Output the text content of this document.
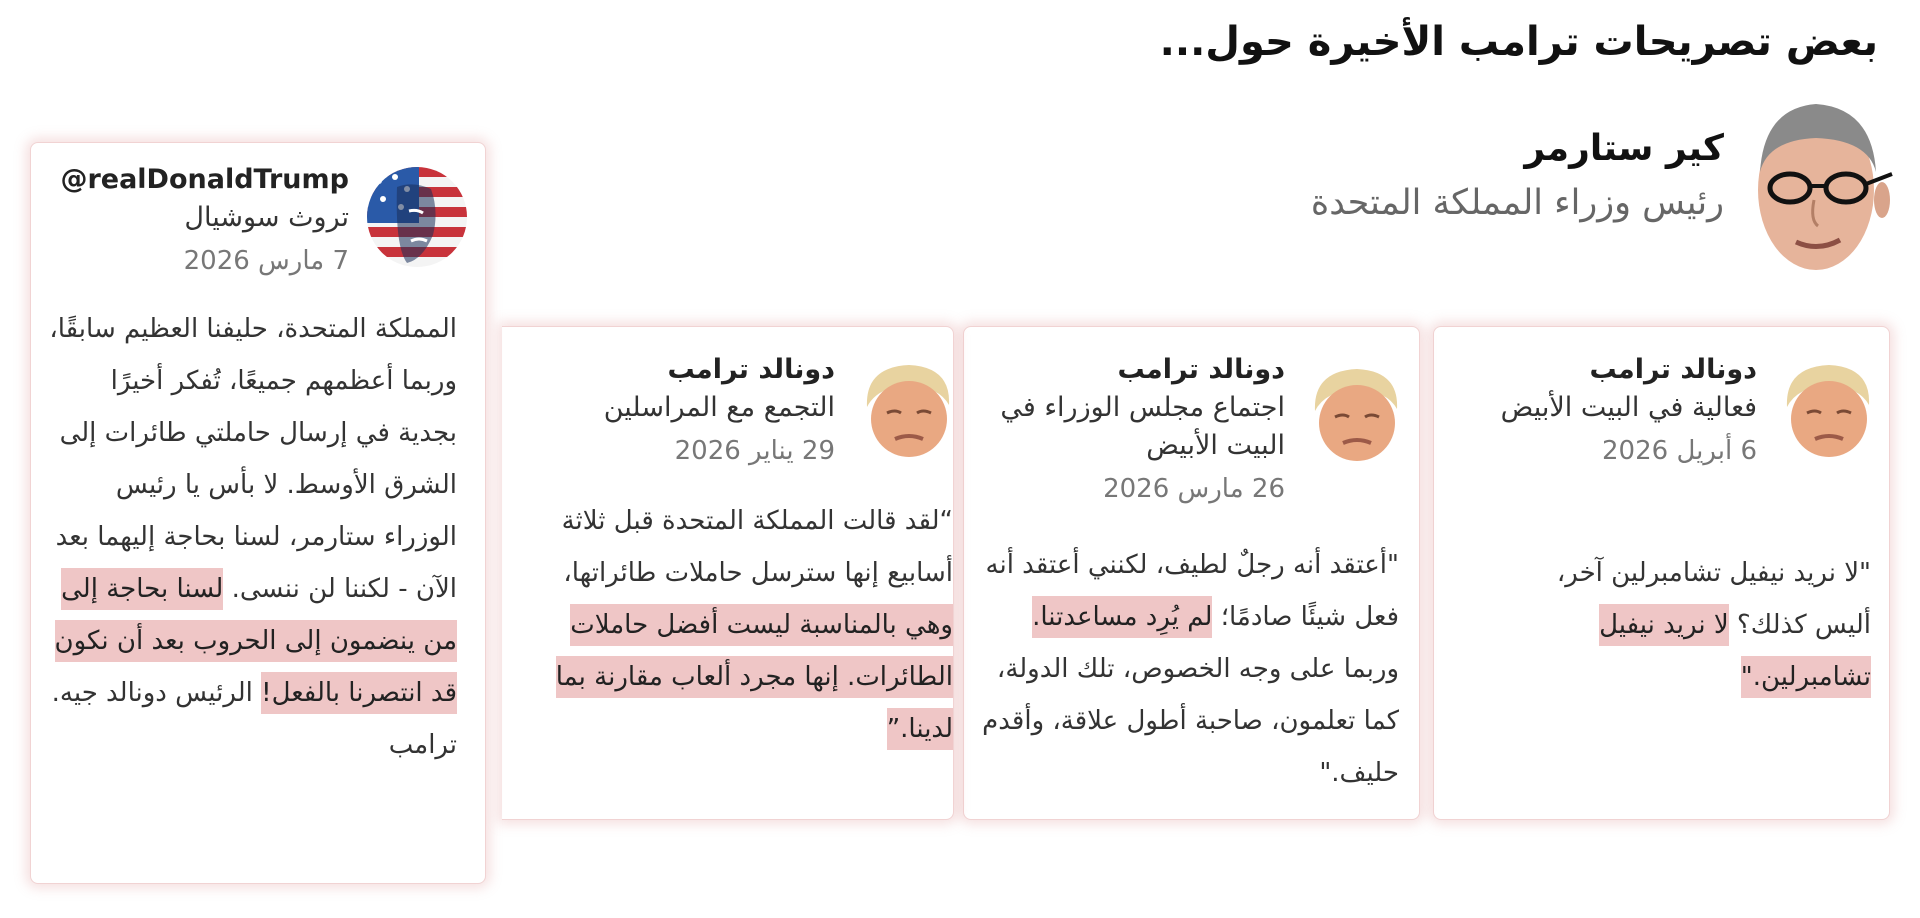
بعض تصريحات ترامب الأخيرة حول...
كير ستارمر
رئيس وزراء المملكة المتحدة
دونالد ترامب
فعالية في البيت الأبيض
6 أبريل 2026
"لا نريد نيفيل تشامبرلين آخر، أليس كذلك؟ لا نريد نيفيل تشامبرلين."
دونالد ترامب
اجتماع مجلس الوزراء في البيت الأبيض
26 مارس 2026
"أعتقد أنه رجلٌ لطيف، لكنني أعتقد أنه فعل شيئًا صادمًا؛ لم يُرِد مساعدتنا. وربما على وجه الخصوص، تلك الدولة، كما تعلمون، صاحبة أطول علاقة، وأقدم حليف."
دونالد ترامب
التجمع مع المراسلين
29 يناير 2026
“لقد قالت المملكة المتحدة قبل ثلاثة أسابيع إنها سترسل حاملات طائراتها، وهي بالمناسبة ليست أفضل حاملات الطائرات. إنها مجرد ألعاب مقارنة بما لدينا.”
@realDonaldTrump
تروث سوشيال
7 مارس 2026
المملكة المتحدة، حليفنا العظيم سابقًا، وربما أعظمهم جميعًا، تُفكر أخيرًا بجدية في إرسال حاملتي طائرات إلى الشرق الأوسط. لا بأس يا رئيس الوزراء ستارمر، لسنا بحاجة إليهما بعد الآن - لكننا لن ننسى. لسنا بحاجة إلى من ينضمون إلى الحروب بعد أن نكون قد انتصرنا بالفعل! الرئيس دونالد جيه. ترامب
